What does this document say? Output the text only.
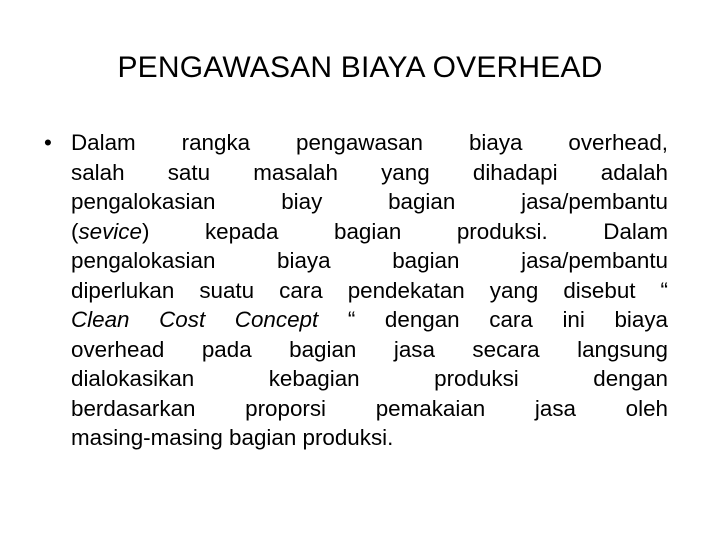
PENGAWASAN BIAYA OVERHEAD
• Dalam rangka pengawasan biaya overhead,
salah satu masalah yang dihadapi adalah
pengalokasian biay bagian jasa/pembantu
(sevice) kepada bagian produksi. Dalam
pengalokasian biaya bagian jasa/pembantu
diperlukan suatu cara pendekatan yang disebut “
Clean Cost Concept “ dengan cara ini biaya
overhead pada bagian jasa secara langsung
dialokasikan kebagian produksi dengan
berdasarkan proporsi pemakaian jasa oleh
masing-masing bagian produksi.
